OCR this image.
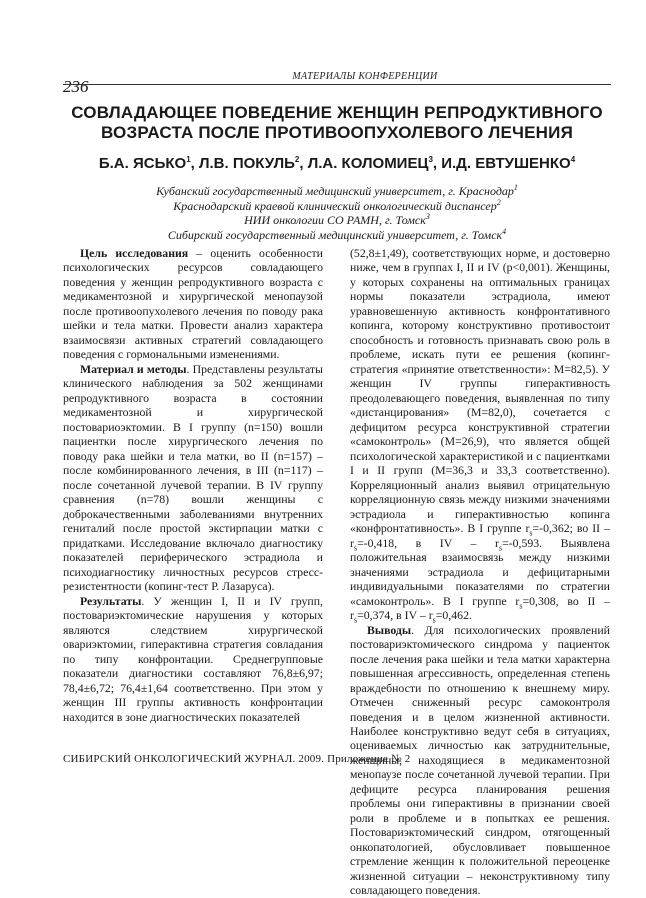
МАТЕРИАЛЫ КОНФЕРЕНЦИИ
236
СОВЛАДАЮЩЕЕ ПОВЕДЕНИЕ ЖЕНЩИН РЕПРОДУКТИВНОГО ВОЗРАСТА ПОСЛЕ ПРОТИВООПУХОЛЕВОГО ЛЕЧЕНИЯ
Б.А. ЯСЬКО$^1$, Л.В. ПОКУЛЬ$^2$, Л.А. КОЛОМИЕЦ$^3$, И.Д. ЕВТУШЕНКО$^4$
Кубанский государственный медицинский университет, г. Краснодар$^1$
Краснодарский краевой клинический онкологический диспансер$^2$
НИИ онкологии СО РАМН, г. Томск$^3$
Сибирский государственный медицинский университет, г. Томск$^4$

Цель исследования – оценить особенности психологических ресурсов совладающего поведения у женщин репродуктивного возраста с медикаментозной и хирургической менопаузой после противоопухолевого лечения по поводу рака шейки и тела матки. Провести анализ характера взаимосвязи активных стратегий совладающего поведения с гормональными изменениями.

Материал и методы. Представлены результаты клинического наблюдения за 502 женщинами репродуктивного возраста в состоянии медикаментозной и хирургической постовариоэктомии. В I группу (n=150) вошли пациентки после хирургического лечения по поводу рака шейки и тела матки, во II (n=157) – после комбинированного лечения, в III (n=117) – после сочетанной лучевой терапии. В IV группу сравнения (n=78) вошли женщины с доброкачественными заболеваниями внутренних гениталий после простой экстирпации матки с придатками. Исследование включало диагностику показателей периферического эстрадиола и психодиагностику личностных ресурсов стресс-резистентности (копинг-тест Р. Лазаруса).

Результаты. У женщин I, II и IV групп, постовариэктомические нарушения у которых являются следствием хирургической овариэктомии, гиперактивна стратегия совладания по типу конфронтации. Среднегрупповые показатели диагностики составляют 76,8±6,97; 78,4±6,72; 76,4±1,64 соответственно. При этом у женщин III группы активность конфронтации находится в зоне диагностических показателей

(52,8±1,49), соответствующих норме, и достоверно ниже, чем в группах I, II и IV (p<0,001). Женщины, у которых сохранены на оптимальных границах нормы показатели эстрадиола, имеют уравновешенную активность конфронтативного копинга, которому конструктивно противостоит способность и готовность признавать свою роль в проблеме, искать пути ее решения (копинг-стратегия «принятие ответственности»: М=82,5). У женщин IV группы гиперактивность преодолевающего поведения, выявленная по типу «дистанцирования» (М=82,0), сочетается с дефицитом ресурса конструктивной стратегии «самоконтроль» (М=26,9), что является общей психологической характеристикой и с пациентками I и II групп (М=36,3 и 33,3 соответственно). Корреляционный анализ выявил отрицательную корреляционную связь между низкими значениями эстрадиола и гиперактивностью копинга «конфронтативность». В I группе $r_s=-0,362$; во II – $r_s=-0,418$, в IV – $r_s=-0,593$. Выявлена положительная взаимосвязь между низкими значениями эстрадиола и дефицитарными индивидуальными показателями по стратегии «самоконтроль». В I группе $r_s=0,308$, во II – $r_s=0,374$, в IV – $r_s=0,462$.

Выводы. Для психологических проявлений постовариэктомического синдрома у пациенток после лечения рака шейки и тела матки характерна повышенная агрессивность, определенная степень враждебности по отношению к внешнему миру. Отмечен сниженный ресурс самоконтроля поведения и в целом жизненной активности. Наиболее конструктивно ведут себя в ситуациях, оцениваемых личностью как затруднительные, женщины, находящиеся в медикаментозной менопаузе после сочетанной лучевой терапии. При дефиците ресурса планирования решения проблемы они гиперактивны в признании своей роли в проблеме и в попытках ее решения. Постовариэктомический синдром, отягощенный онкопатологией, обусловливает повышенное стремление женщин к положительной переоценке жизненной ситуации – неконструктивному типу совладающего поведения.

СИБИРСКИЙ ОНКОЛОГИЧЕСКИЙ ЖУРНАЛ. 2009. Приложение № 2
